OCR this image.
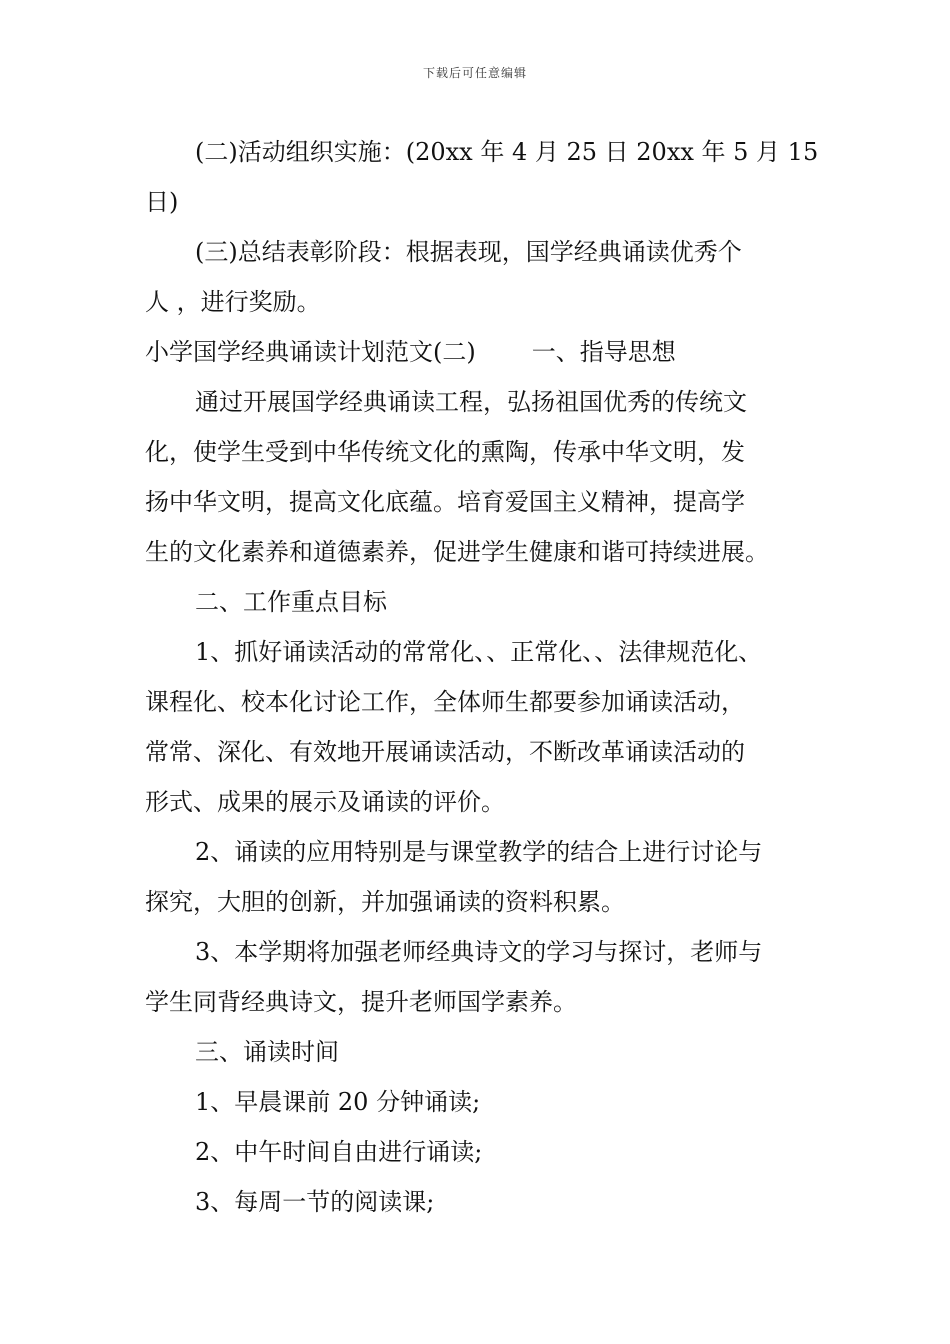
下载后可任意编辑

(二)活动组织实施：(20xx 年 4 月 25 日 20xx 年 5 月 15
日)

(三)总结表彰阶段：根据表现，国学经典诵读优秀个
人 ，进行奖励。

小学国学经典诵读计划范文(二) 一、指导思想

通过开展国学经典诵读工程，弘扬祖国优秀的传统文
化，使学生受到中华传统文化的熏陶，传承中华文明，发
扬中华文明，提高文化底蕴。培育爱国主义精神，提高学
生的文化素养和道德素养，促进学生健康和谐可持续进展。

二、工作重点目标

1、抓好诵读活动的常常化、、正常化、、法律规范化、
课程化、校本化讨论工作，全体师生都要参加诵读活动，
常常、深化、有效地开展诵读活动，不断改革诵读活动的
形式、成果的展示及诵读的评价。

2、诵读的应用特别是与课堂教学的结合上进行讨论与
探究，大胆的创新，并加强诵读的资料积累。

3、本学期将加强老师经典诗文的学习与探讨，老师与
学生同背经典诗文，提升老师国学素养。

三、诵读时间

1、早晨课前 20 分钟诵读;

2、中午时间自由进行诵读;

3、每周一节的阅读课;
